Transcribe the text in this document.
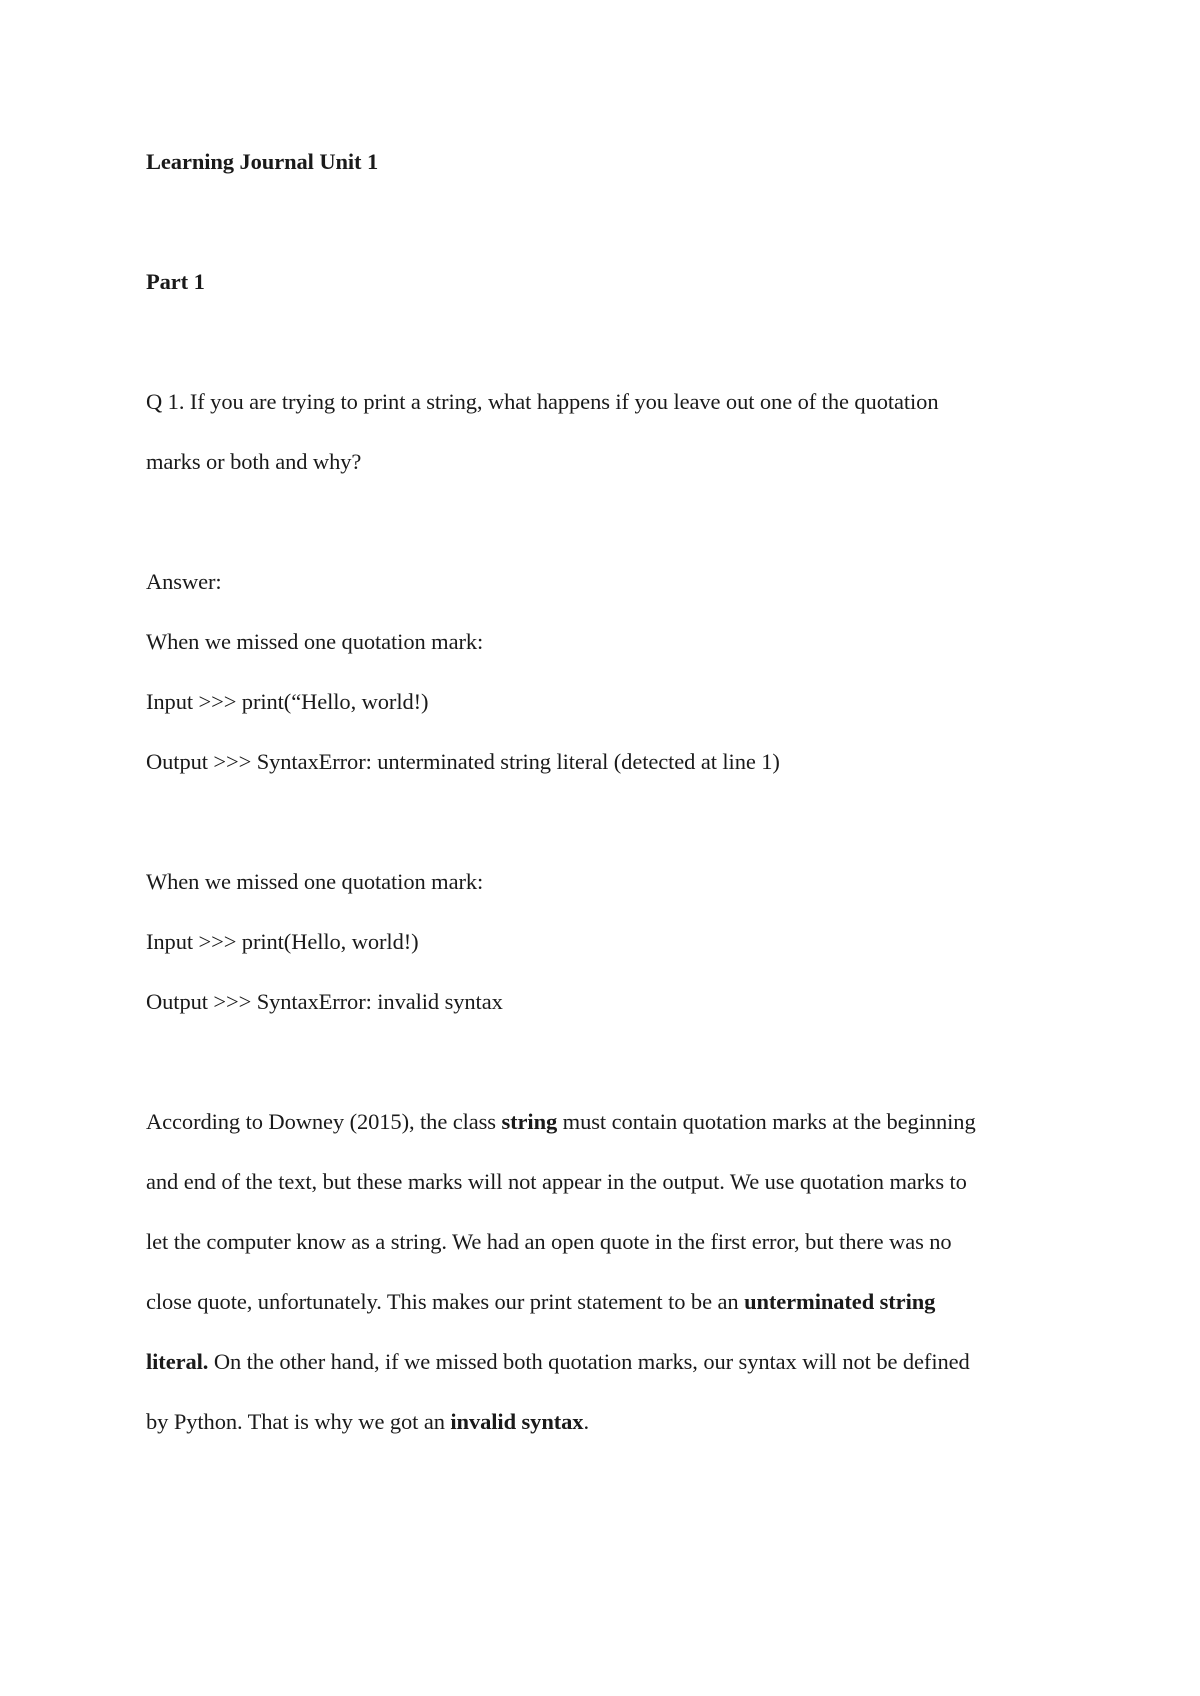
Learning Journal Unit 1
Part 1
Q 1. If you are trying to print a string, what happens if you leave out one of the quotation
marks or both and why?
Answer:
When we missed one quotation mark:
Input >>> print(“Hello, world!)
Output >>> SyntaxError: unterminated string literal (detected at line 1)
When we missed one quotation mark:
Input >>> print(Hello, world!)
Output >>> SyntaxError: invalid syntax
According to Downey (2015), the class string must contain quotation marks at the beginning
and end of the text, but these marks will not appear in the output. We use quotation marks to
let the computer know as a string. We had an open quote in the first error, but there was no
close quote, unfortunately. This makes our print statement to be an unterminated string
literal. On the other hand, if we missed both quotation marks, our syntax will not be defined
by Python. That is why we got an invalid syntax.
